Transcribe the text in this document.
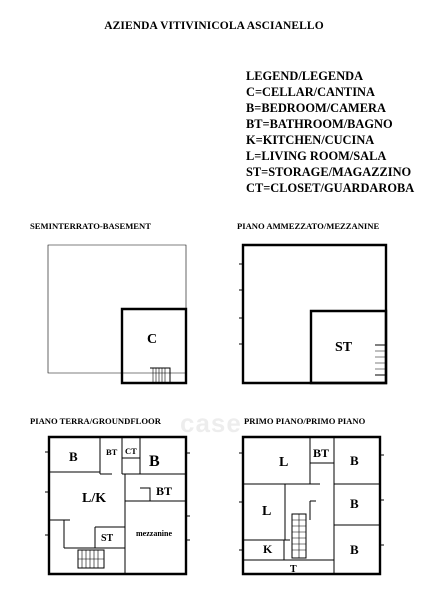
AZIENDA VITIVINICOLA ASCIANELLO
LEGEND/LEGENDA
C=CELLAR/CANTINA
B=BEDROOM/CAMERA
BT=BATHROOM/BAGNO
K=KITCHEN/CUCINA
L=LIVING ROOM/SALA
ST=STORAGE/MAGAZZINO
CT=CLOSET/GUARDAROBA
SEMINTERRATO-BASEMENT	PIANO AMMEZZATO/MEZZANINE
PIANO TERRA/GROUNDFLOOR	PRIMO PIANO/PRIMO PIANO
case
C
ST
B	BT CT
B
L/K	BT
ST	mezzanine
L
BT B
B
L
B
K
T
